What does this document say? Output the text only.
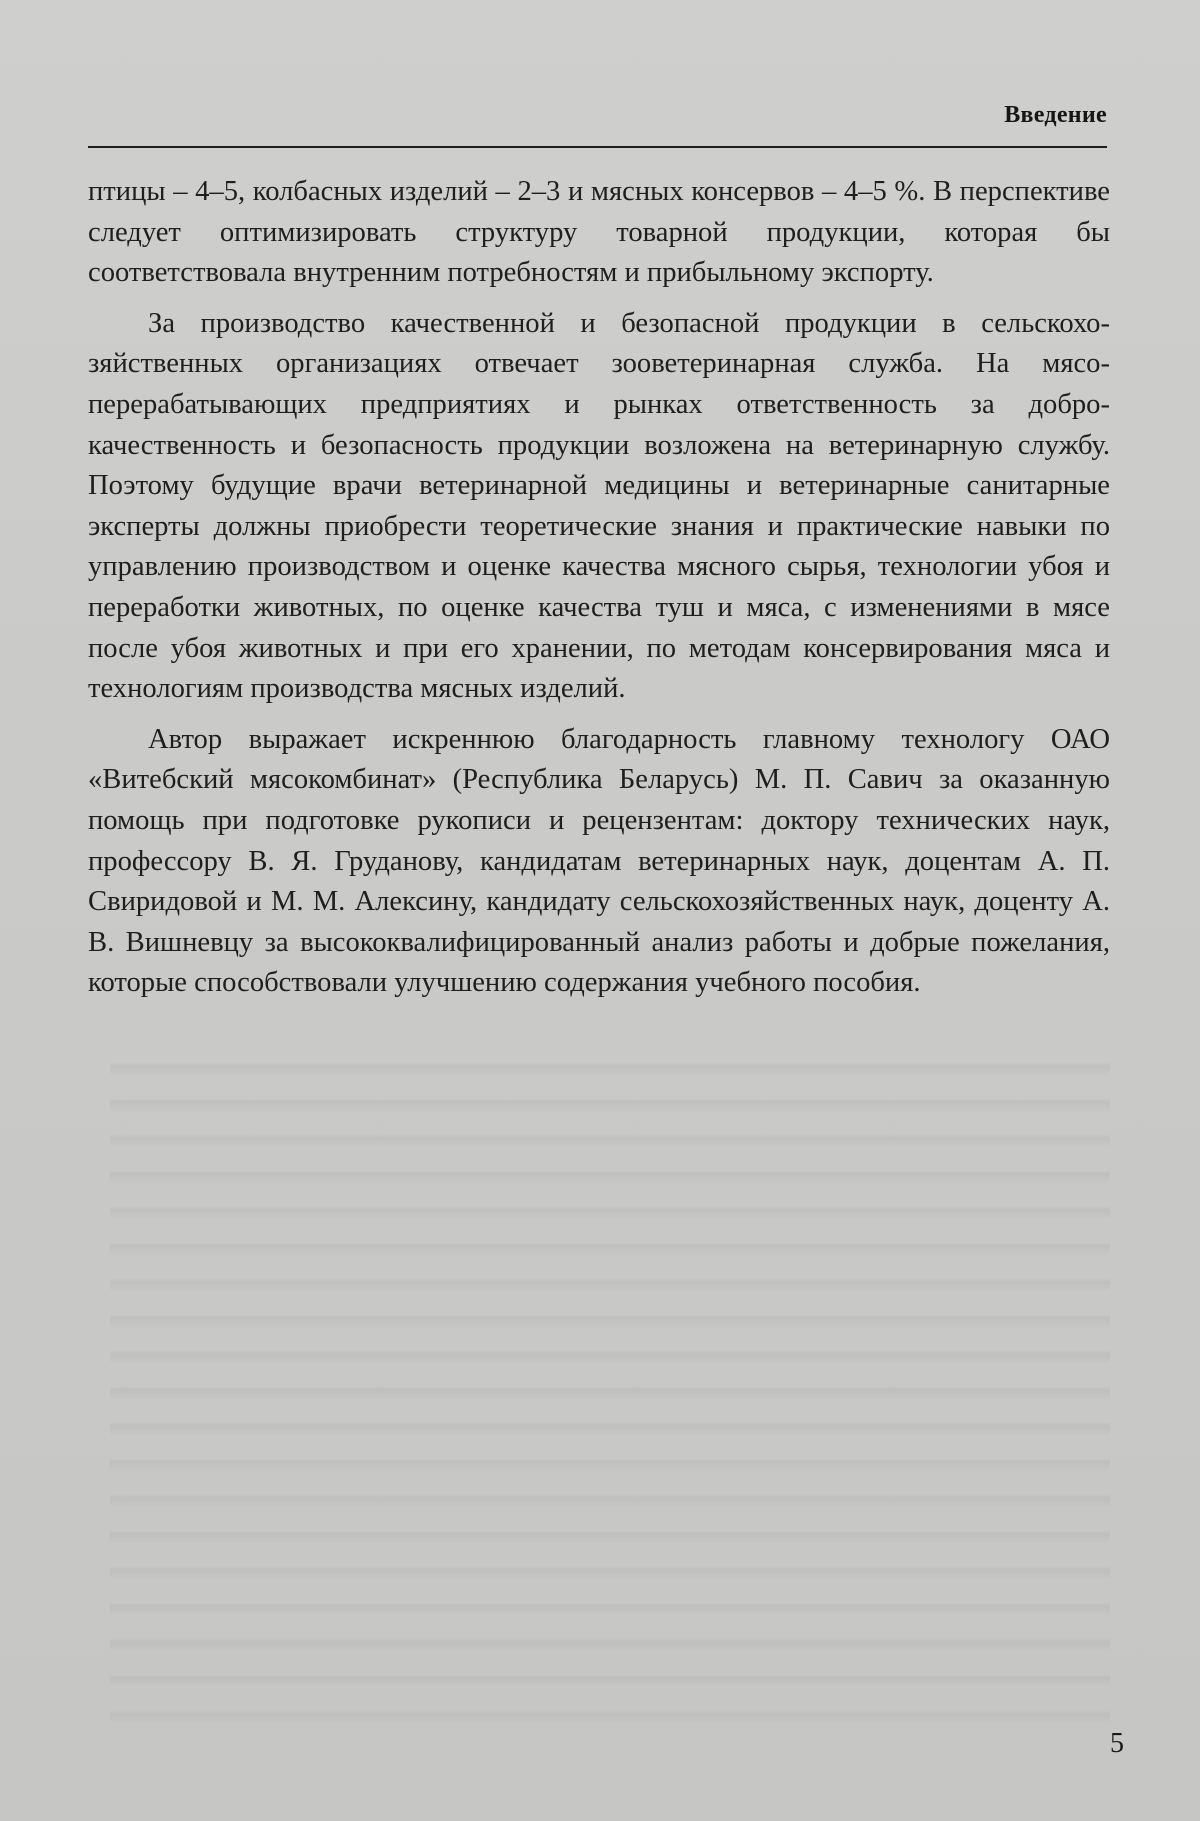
Введение

птицы – 4–5, колбасных изделий – 2–3 и мясных консервов – 4–5 %. В перспективе следует оптимизировать структуру товарной продукции, которая бы соответствовала внутренним потребностям и прибыльному экспорту.

За производство качественной и безопасной продукции в сельскохозяйственных организациях отвечает зооветеринарная служба. На мясоперерабатывающих предприятиях и рынках ответственность за доброкачественность и безопасность продукции возложена на ветеринарную службу. Поэтому будущие врачи ветеринарной медицины и ветеринарные санитарные эксперты должны приобрести теоретические знания и практические навыки по управлению производством и оценке качества мясного сырья, технологии убоя и переработки животных, по оценке качества туш и мяса, с изменениями в мясе после убоя животных и при его хранении, по методам консервирования мяса и технологиям производства мясных изделий.

Автор выражает искреннюю благодарность главному технологу ОАО «Витебский мясокомбинат» (Республика Беларусь) М. П. Савич за оказанную помощь при подготовке рукописи и рецензентам: доктору технических наук, профессору В. Я. Груданову, кандидатам ветеринарных наук, доцентам А. П. Свиридовой и М. М. Алексину, кандидату сельскохозяйственных наук, доценту А. В. Вишневцу за высококвалифицированный анализ работы и добрые пожелания, которые способствовали улучшению содержания учебного пособия.

5
